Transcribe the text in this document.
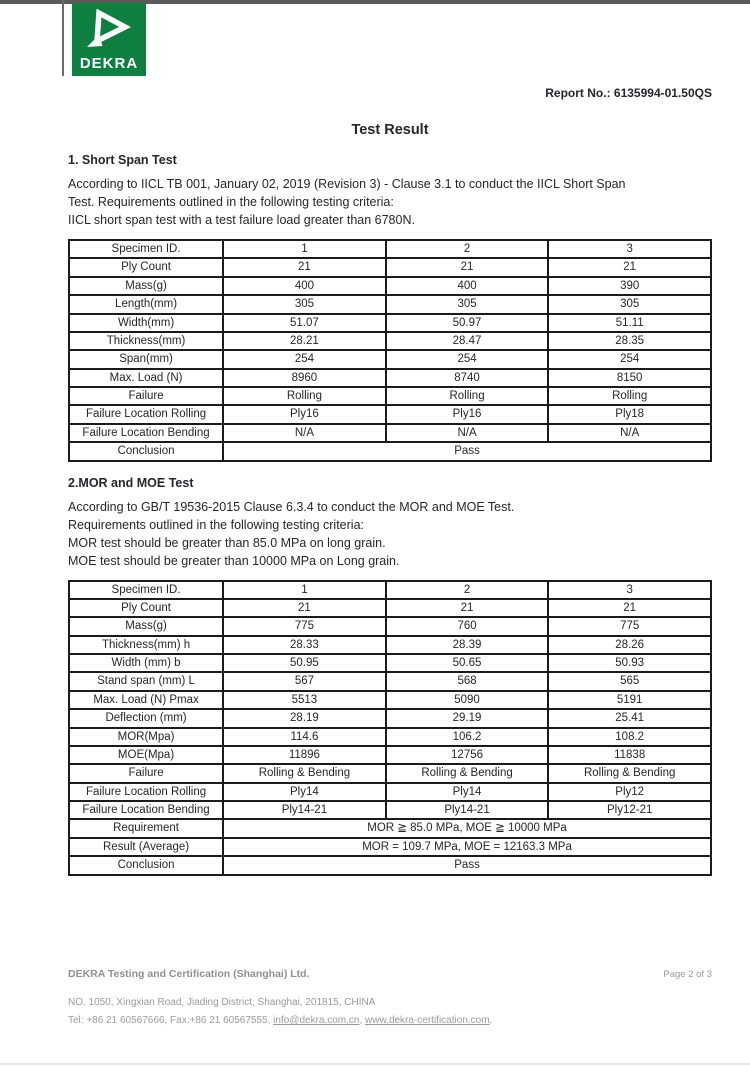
DEKRA
Report No.: 6135994-01.50QS
Test Result
1. Short Span Test
According to IICL TB 001, January 02, 2019 (Revision 3) - Clause 3.1 to conduct the IICL Short Span
Test. Requirements outlined in the following testing criteria:
IICL short span test with a test failure load greater than 6780N.
Specimen ID.	1	2	3
Ply Count	21	21	21
Mass(g)	400	400	390
Length(mm)	305	305	305
Width(mm)	51.07	50.97	51.11
Thickness(mm)	28.21	28.47	28.35
Span(mm)	254	254	254
Max. Load (N)	8960	8740	8150
Failure	Rolling	Rolling	Rolling
Failure Location Rolling	Ply16	Ply16	Ply18
Failure Location Bending	N/A	N/A	N/A
Conclusion	Pass		
2.MOR and MOE Test
According to GB/T 19536-2015 Clause 6.3.4 to conduct the MOR and MOE Test.
Requirements outlined in the following testing criteria:
MOR test should be greater than 85.0 MPa on long grain.
MOE test should be greater than 10000 MPa on Long grain.
Specimen ID.	1	2	3
Ply Count	21	21	21
Mass(g)	775	760	775
Thickness(mm) h	28.33	28.39	28.26
Width (mm) b	50.95	50.65	50.93
Stand span (mm) L	567	568	565
Max. Load (N) Pmax	5513	5090	5191
Deflection (mm)	28.19	29.19	25.41
MOR(Mpa)	114.6	106.2	108.2
MOE(Mpa)	11896	12756	11838
Failure	Rolling & Bending	Rolling & Bending	Rolling & Bending
Failure Location Rolling	Ply14	Ply14	Ply12
Failure Location Bending	Ply14-21	Ply14-21	Ply12-21
Requirement	MOR ≧ 85.0 MPa, MOE ≧ 10000 MPa		
Result (Average)	MOR = 109.7 MPa, MOE = 12163.3 MPa		
Conclusion	Pass		
DEKRA Testing and Certification (Shanghai) Ltd.	Page 2 of 3
NO. 1050, Xingxian Road, Jiading District, Shanghai, 201815, CHINA
Tel: +86 21 60567666, Fax:+86 21 60567555, info@dekra.com.cn, www.dekra-certification.com,
